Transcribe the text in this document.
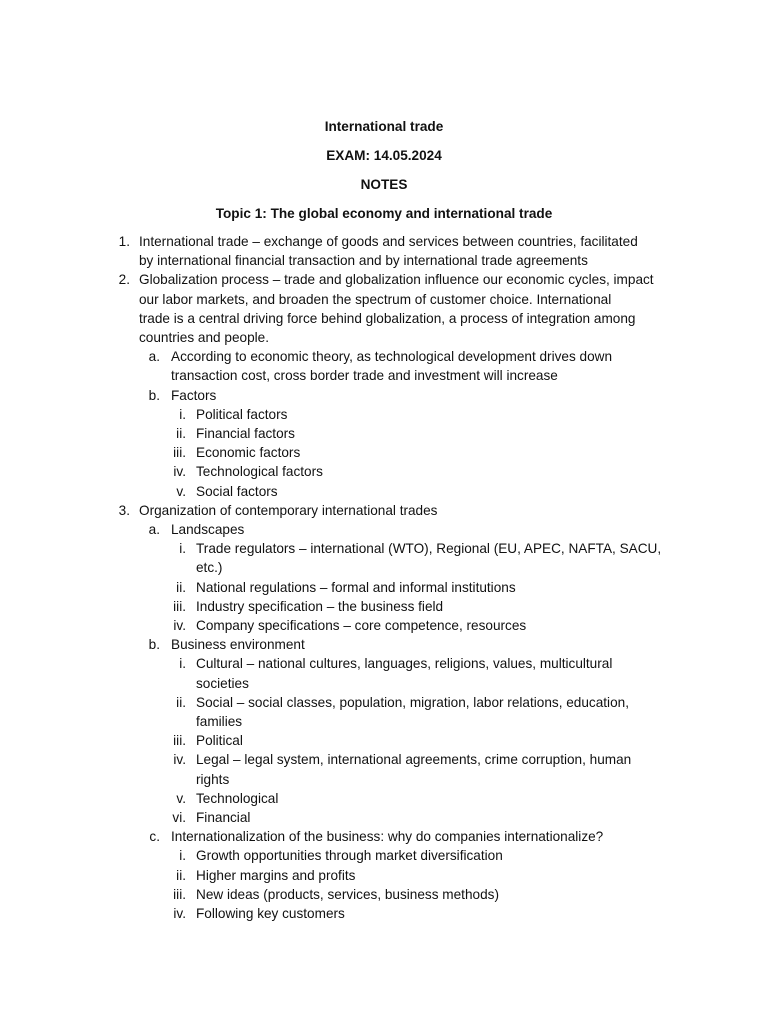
International trade
EXAM: 14.05.2024
NOTES
Topic 1: The global economy and international trade
1. International trade – exchange of goods and services between countries, facilitated
by international financial transaction and by international trade agreements
2. Globalization process – trade and globalization influence our economic cycles, impact
our labor markets, and broaden the spectrum of customer choice. International
trade is a central driving force behind globalization, a process of integration among
countries and people.
a. According to economic theory, as technological development drives down
transaction cost, cross border trade and investment will increase
b. Factors
i. Political factors
ii. Financial factors
iii. Economic factors
iv. Technological factors
v. Social factors
3. Organization of contemporary international trades
a. Landscapes
i. Trade regulators – international (WTO), Regional (EU, APEC, NAFTA, SACU,
etc.)
ii. National regulations – formal and informal institutions
iii. Industry specification – the business field
iv. Company specifications – core competence, resources
b. Business environment
i. Cultural – national cultures, languages, religions, values, multicultural
societies
ii. Social – social classes, population, migration, labor relations, education,
families
iii. Political
iv. Legal – legal system, international agreements, crime corruption, human
rights
v. Technological
vi. Financial
c. Internationalization of the business: why do companies internationalize?
i. Growth opportunities through market diversification
ii. Higher margins and profits
iii. New ideas (products, services, business methods)
iv. Following key customers
